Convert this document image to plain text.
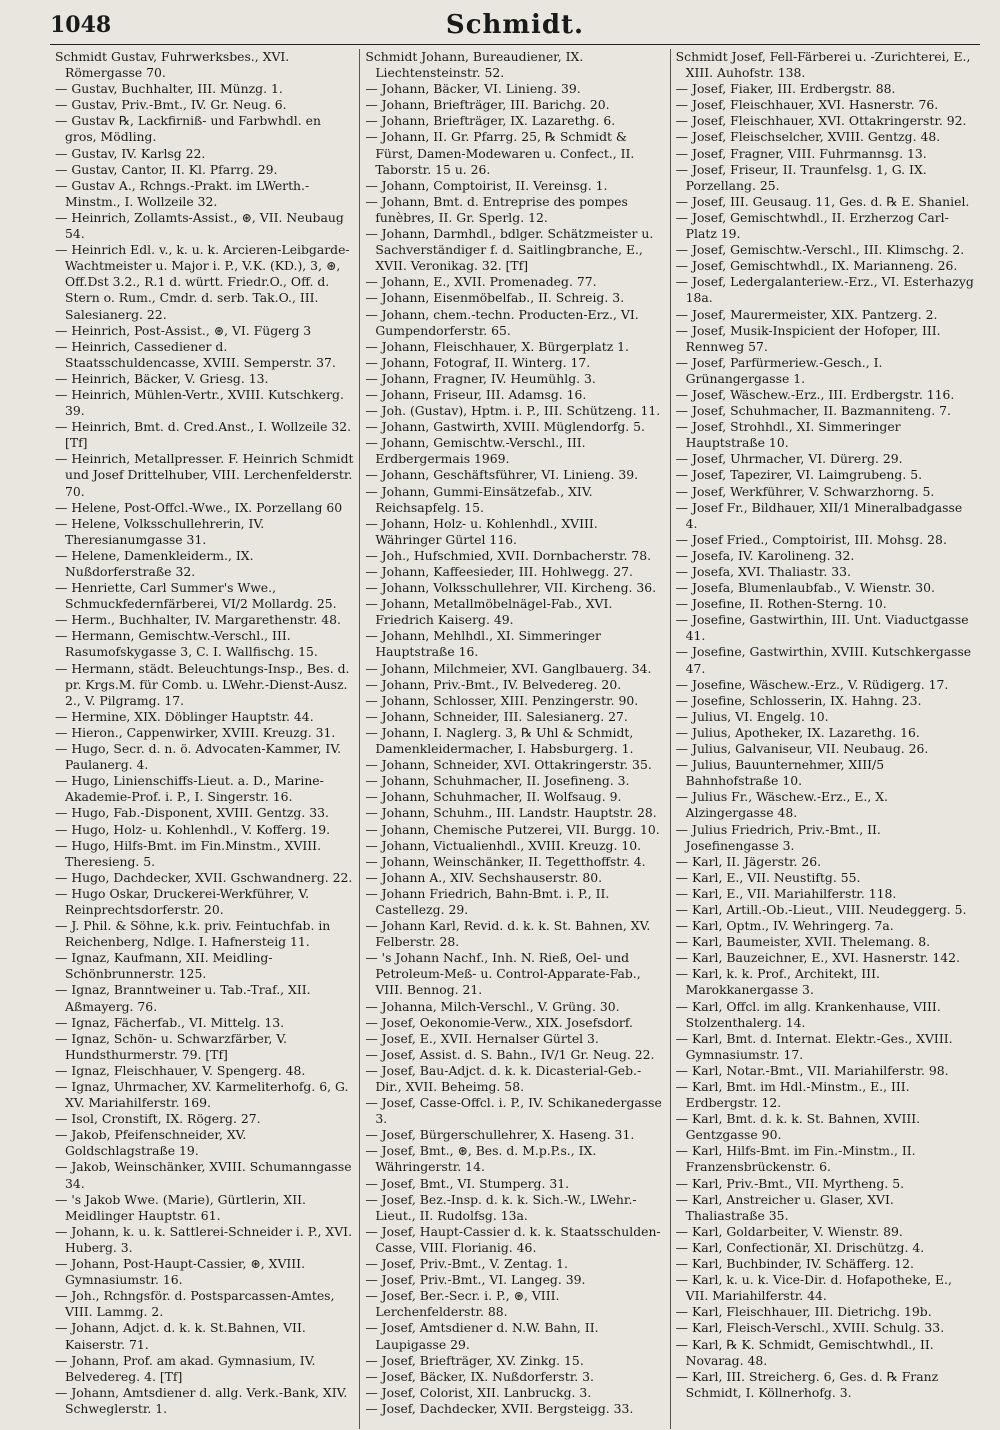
1048	Schmidt.
Schmidt Gustav, Fuhrwerksbes., XVI. Römergasse 70.
— Gustav, Buchhalter, III. Münzg. 1.
— Gustav, Priv.-Bmt., IV. Gr. Neug. 6.
— Gustav ℞, Lackfirniß- und Farbwhdl. en gros, Mödling.
— Gustav, IV. Karlsg 22.
— Gustav, Cantor, II. Kl. Pfarrg. 29.
— Gustav A., Rchngs.-Prakt. im LWerth.-Minstm., I. Wollzeile 32.
— Heinrich, Zollamts-Assist., ⊛, VII. Neubaug 54.
— Heinrich Edl. v., k. u. k. Arcieren-Leibgarde-Wachtmeister u. Major i. P., V.K. (KD.), 3, ⊛, Off.Dst 3.2., R.1 d. württ. Friedr.O., Off. d. Stern o. Rum., Cmdr. d. serb. Tak.O., III. Salesianerg. 22.
— Heinrich, Post-Assist., ⊛, VI. Fügerg 3
— Heinrich, Cassediener d. Staatsschuldencasse, XVIII. Semperstr. 37.
— Heinrich, Bäcker, V. Griesg. 13.
— Heinrich, Mühlen-Vertr., XVIII. Kutschkerg. 39.
— Heinrich, Bmt. d. Cred.Anst., I. Wollzeile 32. [Tf]
— Heinrich, Metallpresser. F. Heinrich Schmidt und Josef Drittelhuber, VIII. Lerchenfelderstr. 70.
— Helene, Post-Offcl.-Wwe., IX. Porzellang 60
— Helene, Volksschullehrerin, IV. Theresianumgasse 31.
— Helene, Damenkleiderm., IX. Nußdorferstraße 32.
— Henriette, Carl Summer's Wwe., Schmuckfedernfärberei, VI/2 Mollardg. 25.
— Herm., Buchhalter, IV. Margarethenstr. 48.
— Hermann, Gemischtw.-Verschl., III. Rasumofskygasse 3, C. I. Wallfischg. 15.
— Hermann, städt. Beleuchtungs-Insp., Bes. d. pr. Krgs.M. für Comb. u. LWehr.-Dienst-Ausz. 2., V. Pilgramg. 17.
— Hermine, XIX. Döblinger Hauptstr. 44.
— Hieron., Cappenwirker, XVIII. Kreuzg. 31.
— Hugo, Secr. d. n. ö. Advocaten-Kammer, IV. Paulanerg. 4.
— Hugo, Linienschiffs-Lieut. a. D., Marine-Akademie-Prof. i. P., I. Singerstr. 16.
— Hugo, Fab.-Disponent, XVIII. Gentzg. 33.
— Hugo, Holz- u. Kohlenhdl., V. Kofferg. 19.
— Hugo, Hilfs-Bmt. im Fin.Minstm., XVIII. Theresieng. 5.
— Hugo, Dachdecker, XVII. Gschwandnerg. 22.
— Hugo Oskar, Druckerei-Werkführer, V. Reinprechtsdorferstr. 20.
— J. Phil. & Söhne, k.k. priv. Feintuchfab. in Reichenberg, Ndlge. I. Hafnersteig 11.
— Ignaz, Kaufmann, XII. Meidling-Schönbrunnerstr. 125.
— Ignaz, Branntweiner u. Tab.-Traf., XII. Aßmayerg. 76.
— Ignaz, Fächerfab., VI. Mittelg. 13.
— Ignaz, Schön- u. Schwarzfärber, V. Hundsthurmerstr. 79. [Tf]
— Ignaz, Fleischhauer, V. Spengerg. 48.
— Ignaz, Uhrmacher, XV. Karmeliterhofg. 6, G. XV. Mariahilferstr. 169.
— Isol, Cronstift, IX. Rögerg. 27.
— Jakob, Pfeifenschneider, XV. Goldschlagstraße 19.
— Jakob, Weinschänker, XVIII. Schumanngasse 34.
— 's Jakob Wwe. (Marie), Gürtlerin, XII. Meidlinger Hauptstr. 61.
— Johann, k. u. k. Sattlerei-Schneider i. P., XVI. Huberg. 3.
— Johann, Post-Haupt-Cassier, ⊛, XVIII. Gymnasiumstr. 16.
— Joh., Rchngsför. d. Postsparcassen-Amtes, VIII. Lammg. 2.
— Johann, Adjct. d. k. k. St.Bahnen, VII. Kaiserstr. 71.
— Johann, Prof. am akad. Gymnasium, IV. Belvedereg. 4. [Tf]
— Johann, Amtsdiener d. allg. Verk.-Bank, XIV. Schweglerstr. 1.
Schmidt Johann, Bureaudiener, IX. Liechtensteinstr. 52.
— Johann, Bäcker, VI. Linieng. 39.
— Johann, Briefträger, III. Barichg. 20.
— Johann, Briefträger, IX. Lazarethg. 6.
— Johann, II. Gr. Pfarrg. 25, ℞ Schmidt & Fürst, Damen-Modewaren u. Confect., II. Taborstr. 15 u. 26.
— Johann, Comptoirist, II. Vereinsg. 1.
— Johann, Bmt. d. Entreprise des pompes funèbres, II. Gr. Sperlg. 12.
— Johann, Darmhdl., bdlger. Schätzmeister u. Sachverständiger f. d. Saitlingbranche, E., XVII. Veronikag. 32. [Tf]
— Johann, E., XVII. Promenadeg. 77.
— Johann, Eisenmöbelfab., II. Schreig. 3.
— Johann, chem.-techn. Producten-Erz., VI. Gumpendorferstr. 65.
— Johann, Fleischhauer, X. Bürgerplatz 1.
— Johann, Fotograf, II. Winterg. 17.
— Johann, Fragner, IV. Heumühlg. 3.
— Johann, Friseur, III. Adamsg. 16.
— Joh. (Gustav), Hptm. i. P., III. Schützeng. 11.
— Johann, Gastwirth, XVIII. Müglendorfg. 5.
— Johann, Gemischtw.-Verschl., III. Erdbergermais 1969.
— Johann, Geschäftsführer, VI. Linieng. 39.
— Johann, Gummi-Einsätzefab., XIV. Reichsapfelg. 15.
— Johann, Holz- u. Kohlenhdl., XVIII. Währinger Gürtel 116.
— Joh., Hufschmied, XVII. Dornbacherstr. 78.
— Johann, Kaffeesieder, III. Hohlwegg. 27.
— Johann, Volksschullehrer, VII. Kircheng. 36.
— Johann, Metallmöbelnägel-Fab., XVI. Friedrich Kaiserg. 49.
— Johann, Mehlhdl., XI. Simmeringer Hauptstraße 16.
— Johann, Milchmeier, XVI. Ganglbauerg. 34.
— Johann, Priv.-Bmt., IV. Belvedereg. 20.
— Johann, Schlosser, XIII. Penzingerstr. 90.
— Johann, Schneider, III. Salesianerg. 27.
— Johann, I. Naglerg. 3, ℞ Uhl & Schmidt, Damenkleidermacher, I. Habsburgerg. 1.
— Johann, Schneider, XVI. Ottakringerstr. 35.
— Johann, Schuhmacher, II. Josefineng. 3.
— Johann, Schuhmacher, II. Wolfsaug. 9.
— Johann, Schuhm., III. Landstr. Hauptstr. 28.
— Johann, Chemische Putzerei, VII. Burgg. 10.
— Johann, Victualienhdl., XVIII. Kreuzg. 10.
— Johann, Weinschänker, II. Tegetthoffstr. 4.
— Johann A., XIV. Sechshauserstr. 80.
— Johann Friedrich, Bahn-Bmt. i. P., II. Castellezg. 29.
— Johann Karl, Revid. d. k. k. St. Bahnen, XV. Felberstr. 28.
— 's Johann Nachf., Inh. N. Rieß, Oel- und Petroleum-Meß- u. Control-Apparate-Fab., VIII. Bennog. 21.
— Johanna, Milch-Verschl., V. Grüng. 30.
— Josef, Oekonomie-Verw., XIX. Josefsdorf.
— Josef, E., XVII. Hernalser Gürtel 3.
— Josef, Assist. d. S. Bahn., IV/1 Gr. Neug. 22.
— Josef, Bau-Adjct. d. k. k. Dicasterial-Geb.-Dir., XVII. Beheimg. 58.
— Josef, Casse-Offcl. i. P., IV. Schikanedergasse 3.
— Josef, Bürgerschullehrer, X. Haseng. 31.
— Josef, Bmt., ⊛, Bes. d. M.p.P.s., IX. Währingerstr. 14.
— Josef, Bmt., VI. Stumperg. 31.
— Josef, Bez.-Insp. d. k. k. Sich.-W., LWehr.-Lieut., II. Rudolfsg. 13a.
— Josef, Haupt-Cassier d. k. k. Staatsschulden-Casse, VIII. Florianig. 46.
— Josef, Priv.-Bmt., V. Zentag. 1.
— Josef, Priv.-Bmt., VI. Langeg. 39.
— Josef, Ber.-Secr. i. P., ⊛, VIII. Lerchenfelderstr. 88.
— Josef, Amtsdiener d. N.W. Bahn, II. Laupigasse 29.
— Josef, Briefträger, XV. Zinkg. 15.
— Josef, Bäcker, IX. Nußdorferstr. 3.
— Josef, Colorist, XII. Lanbruckg. 3.
— Josef, Dachdecker, XVII. Bergsteigg. 33.
Schmidt Josef, Fell-Färberei u. -Zurichterei, E., XIII. Auhofstr. 138.
— Josef, Fiaker, III. Erdbergstr. 88.
— Josef, Fleischhauer, XVI. Hasnerstr. 76.
— Josef, Fleischhauer, XVI. Ottakringerstr. 92.
— Josef, Fleischselcher, XVIII. Gentzg. 48.
— Josef, Fragner, VIII. Fuhrmannsg. 13.
— Josef, Friseur, II. Traunfelsg. 1, G. IX. Porzellang. 25.
— Josef, III. Geusaug. 11, Ges. d. ℞ E. Shaniel.
— Josef, Gemischtwhdl., II. Erzherzog Carl-Platz 19.
— Josef, Gemischtw.-Verschl., III. Klimschg. 2.
— Josef, Gemischtwhdl., IX. Marianneng. 26.
— Josef, Ledergalanteriew.-Erz., VI. Esterhazyg 18a.
— Josef, Maurermeister, XIX. Pantzerg. 2.
— Josef, Musik-Inspicient der Hofoper, III. Rennweg 57.
— Josef, Parfürmeriew.-Gesch., I. Grünangergasse 1.
— Josef, Wäschew.-Erz., III. Erdbergstr. 116.
— Josef, Schuhmacher, II. Bazmanniteng. 7.
— Josef, Strohhdl., XI. Simmeringer Hauptstraße 10.
— Josef, Uhrmacher, VI. Dürerg. 29.
— Josef, Tapezirer, VI. Laimgrubeng. 5.
— Josef, Werkführer, V. Schwarzhorng. 5.
— Josef Fr., Bildhauer, XII/1 Mineralbadgasse 4.
— Josef Fried., Comptoirist, III. Mohsg. 28.
— Josefa, IV. Karolineng. 32.
— Josefa, XVI. Thaliastr. 33.
— Josefa, Blumenlaubfab., V. Wienstr. 30.
— Josefine, II. Rothen-Sterng. 10.
— Josefine, Gastwirthin, III. Unt. Viaductgasse 41.
— Josefine, Gastwirthin, XVIII. Kutschkergasse 47.
— Josefine, Wäschew.-Erz., V. Rüdigerg. 17.
— Josefine, Schlosserin, IX. Hahng. 23.
— Julius, VI. Engelg. 10.
— Julius, Apotheker, IX. Lazarethg. 16.
— Julius, Galvaniseur, VII. Neubaug. 26.
— Julius, Bauunternehmer, XIII/5 Bahnhofstraße 10.
— Julius Fr., Wäschew.-Erz., E., X. Alzingergasse 48.
— Julius Friedrich, Priv.-Bmt., II. Josefinengasse 3.
— Karl, II. Jägerstr. 26.
— Karl, E., VII. Neustiftg. 55.
— Karl, E., VII. Mariahilferstr. 118.
— Karl, Artill.-Ob.-Lieut., VIII. Neudeggerg. 5.
— Karl, Optm., IV. Wehringerg. 7a.
— Karl, Baumeister, XVII. Thelemang. 8.
— Karl, Bauzeichner, E., XVI. Hasnerstr. 142.
— Karl, k. k. Prof., Architekt, III. Marokkanergasse 3.
— Karl, Offcl. im allg. Krankenhause, VIII. Stolzenthalerg. 14.
— Karl, Bmt. d. Internat. Elektr.-Ges., XVIII. Gymnasiumstr. 17.
— Karl, Notar.-Bmt., VII. Mariahilferstr. 98.
— Karl, Bmt. im Hdl.-Minstm., E., III. Erdbergstr. 12.
— Karl, Bmt. d. k. k. St. Bahnen, XVIII. Gentzgasse 90.
— Karl, Hilfs-Bmt. im Fin.-Minstm., II. Franzensbrückenstr. 6.
— Karl, Priv.-Bmt., VII. Myrtheng. 5.
— Karl, Anstreicher u. Glaser, XVI. Thaliastraße 35.
— Karl, Goldarbeiter, V. Wienstr. 89.
— Karl, Confectionär, XI. Drischützg. 4.
— Karl, Buchbinder, IV. Schäfferg. 12.
— Karl, k. u. k. Vice-Dir. d. Hofapotheke, E., VII. Mariahilferstr. 44.
— Karl, Fleischhauer, III. Dietrichg. 19b.
— Karl, Fleisch-Verschl., XVIII. Schulg. 33.
— Karl, ℞ K. Schmidt, Gemischtwhdl., II. Novarag. 48.
— Karl, III. Streicherg. 6, Ges. d. ℞ Franz Schmidt, I. Köllnerhofg. 3.
